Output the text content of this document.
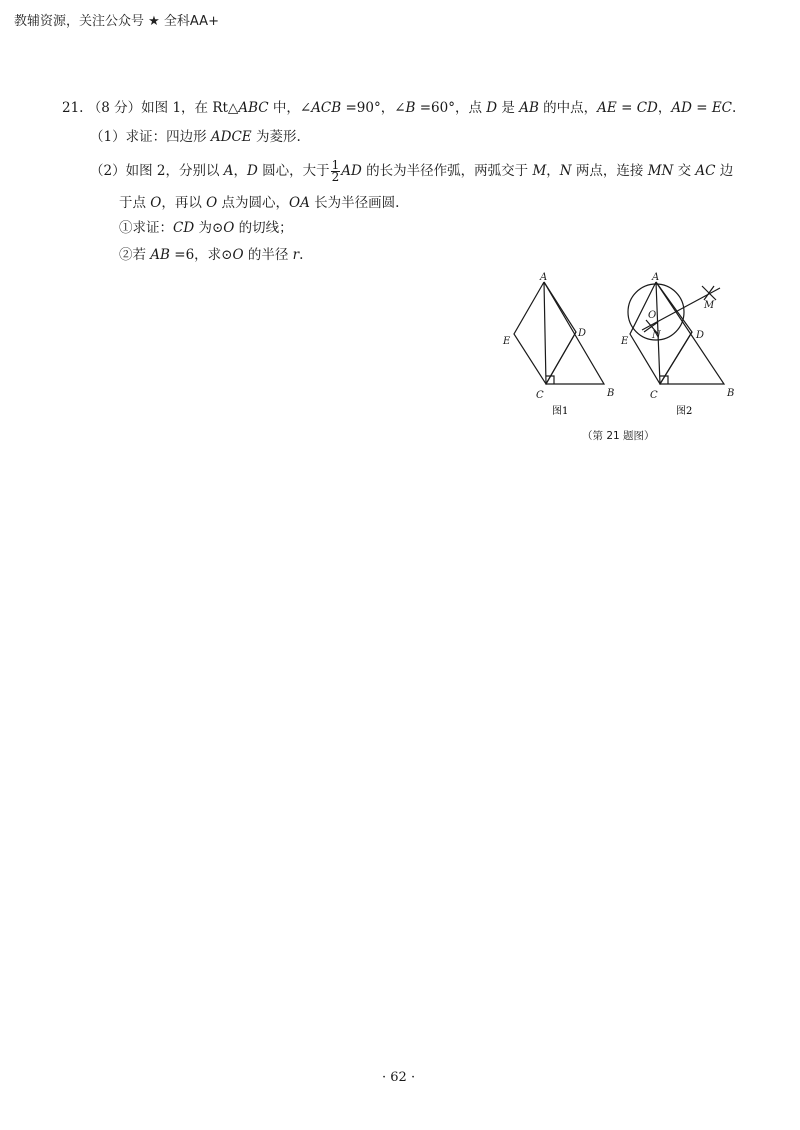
教辅资源，关注公众号 ★ 全科AA+
21. （8 分）如图 1，在 Rt△ABC 中，∠ACB =90°，∠B =60°，点 D 是 AB 的中点，AE = CD，AD = EC.
（1）求证：四边形 ADCE 为菱形.
（2）如图 2，分别以 A，D 圆心，大于 $\frac{1}{2}$ AD 的长为半径作弧，两弧交于 M，N 两点，连接 MN 交 AC 边
于点 O，再以 O 点为圆心，OA 长为半径画圆.
①求证：CD 为⊙O 的切线；
②若 AB =6，求⊙O 的半径 r.
A
B
C
D
E
A
B
C
D
E
O
M
N
图1	图2
（第 21 题图）
· 62 ·
